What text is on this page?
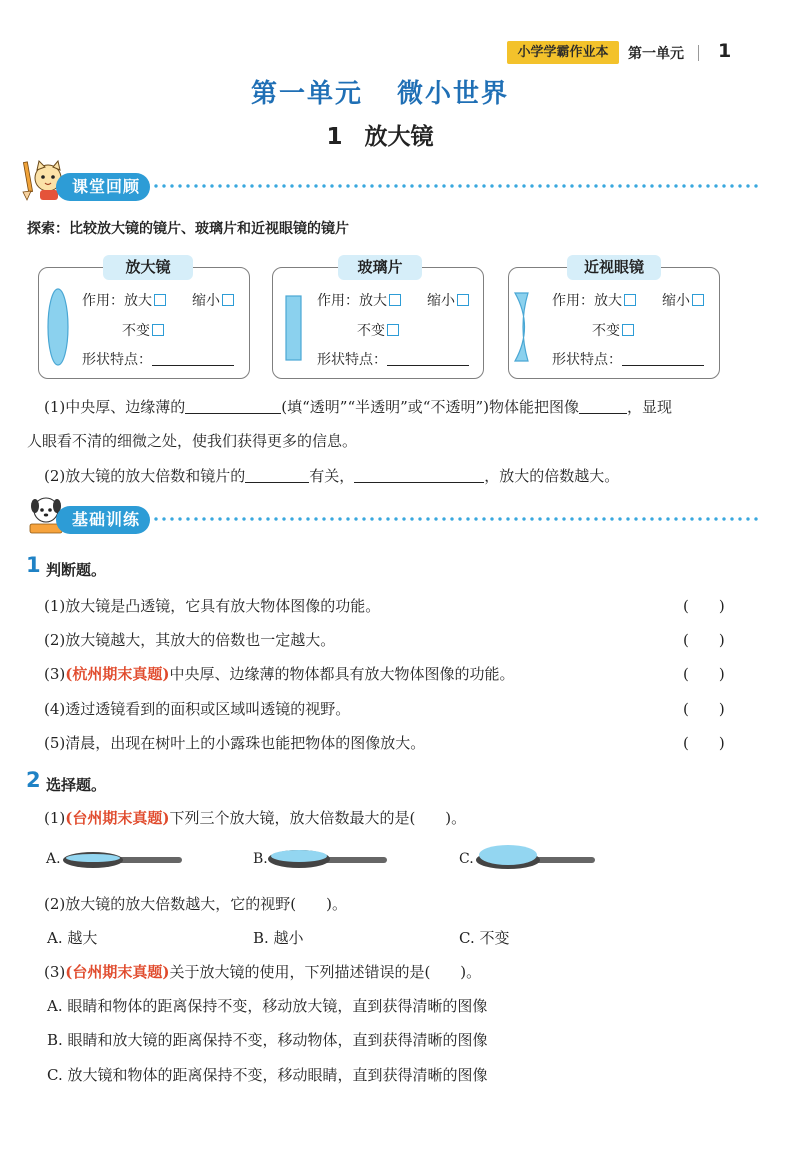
小学学霸作业本	第一单元 1
第一单元 微小世界
1 放大镜
课堂回顾
探索：比较放大镜的镜片、玻璃片和近视眼镜的镜片
放大镜
作用：放大	缩小
不变
形状特点：
玻璃片
作用：放大	缩小
不变
形状特点：
近视眼镜
作用：放大	缩小
不变
形状特点：
(1)中央厚、边缘薄的	(填“透明”“半透明”或“不透明”)物体能把图像	，显现
人眼看不清的细微之处，使我们获得更多的信息。
(2)放大镜的放大倍数和镜片的	有关，	，放大的倍数越大。
基础训练
1 判断题。
(1)放大镜是凸透镜，它具有放大物体图像的功能。	(　　)
(2)放大镜越大，其放大的倍数也一定越大。	(　　)
(3)(杭州期末真题)中央厚、边缘薄的物体都具有放大物体图像的功能。	(　　)
(4)透过透镜看到的面积或区域叫透镜的视野。	(　　)
(5)清晨，出现在树叶上的小露珠也能把物体的图像放大。	(　　)
2 选择题。
(1)(台州期末真题)下列三个放大镜，放大倍数最大的是(　　)。
A.	B.	C.
(2)放大镜的放大倍数越大，它的视野(　　)。
A. 越大	B. 越小	C. 不变
(3)(台州期末真题)关于放大镜的使用，下列描述错误的是(　　)。
A. 眼睛和物体的距离保持不变，移动放大镜，直到获得清晰的图像
B. 眼睛和放大镜的距离保持不变，移动物体，直到获得清晰的图像
C. 放大镜和物体的距离保持不变，移动眼睛，直到获得清晰的图像
